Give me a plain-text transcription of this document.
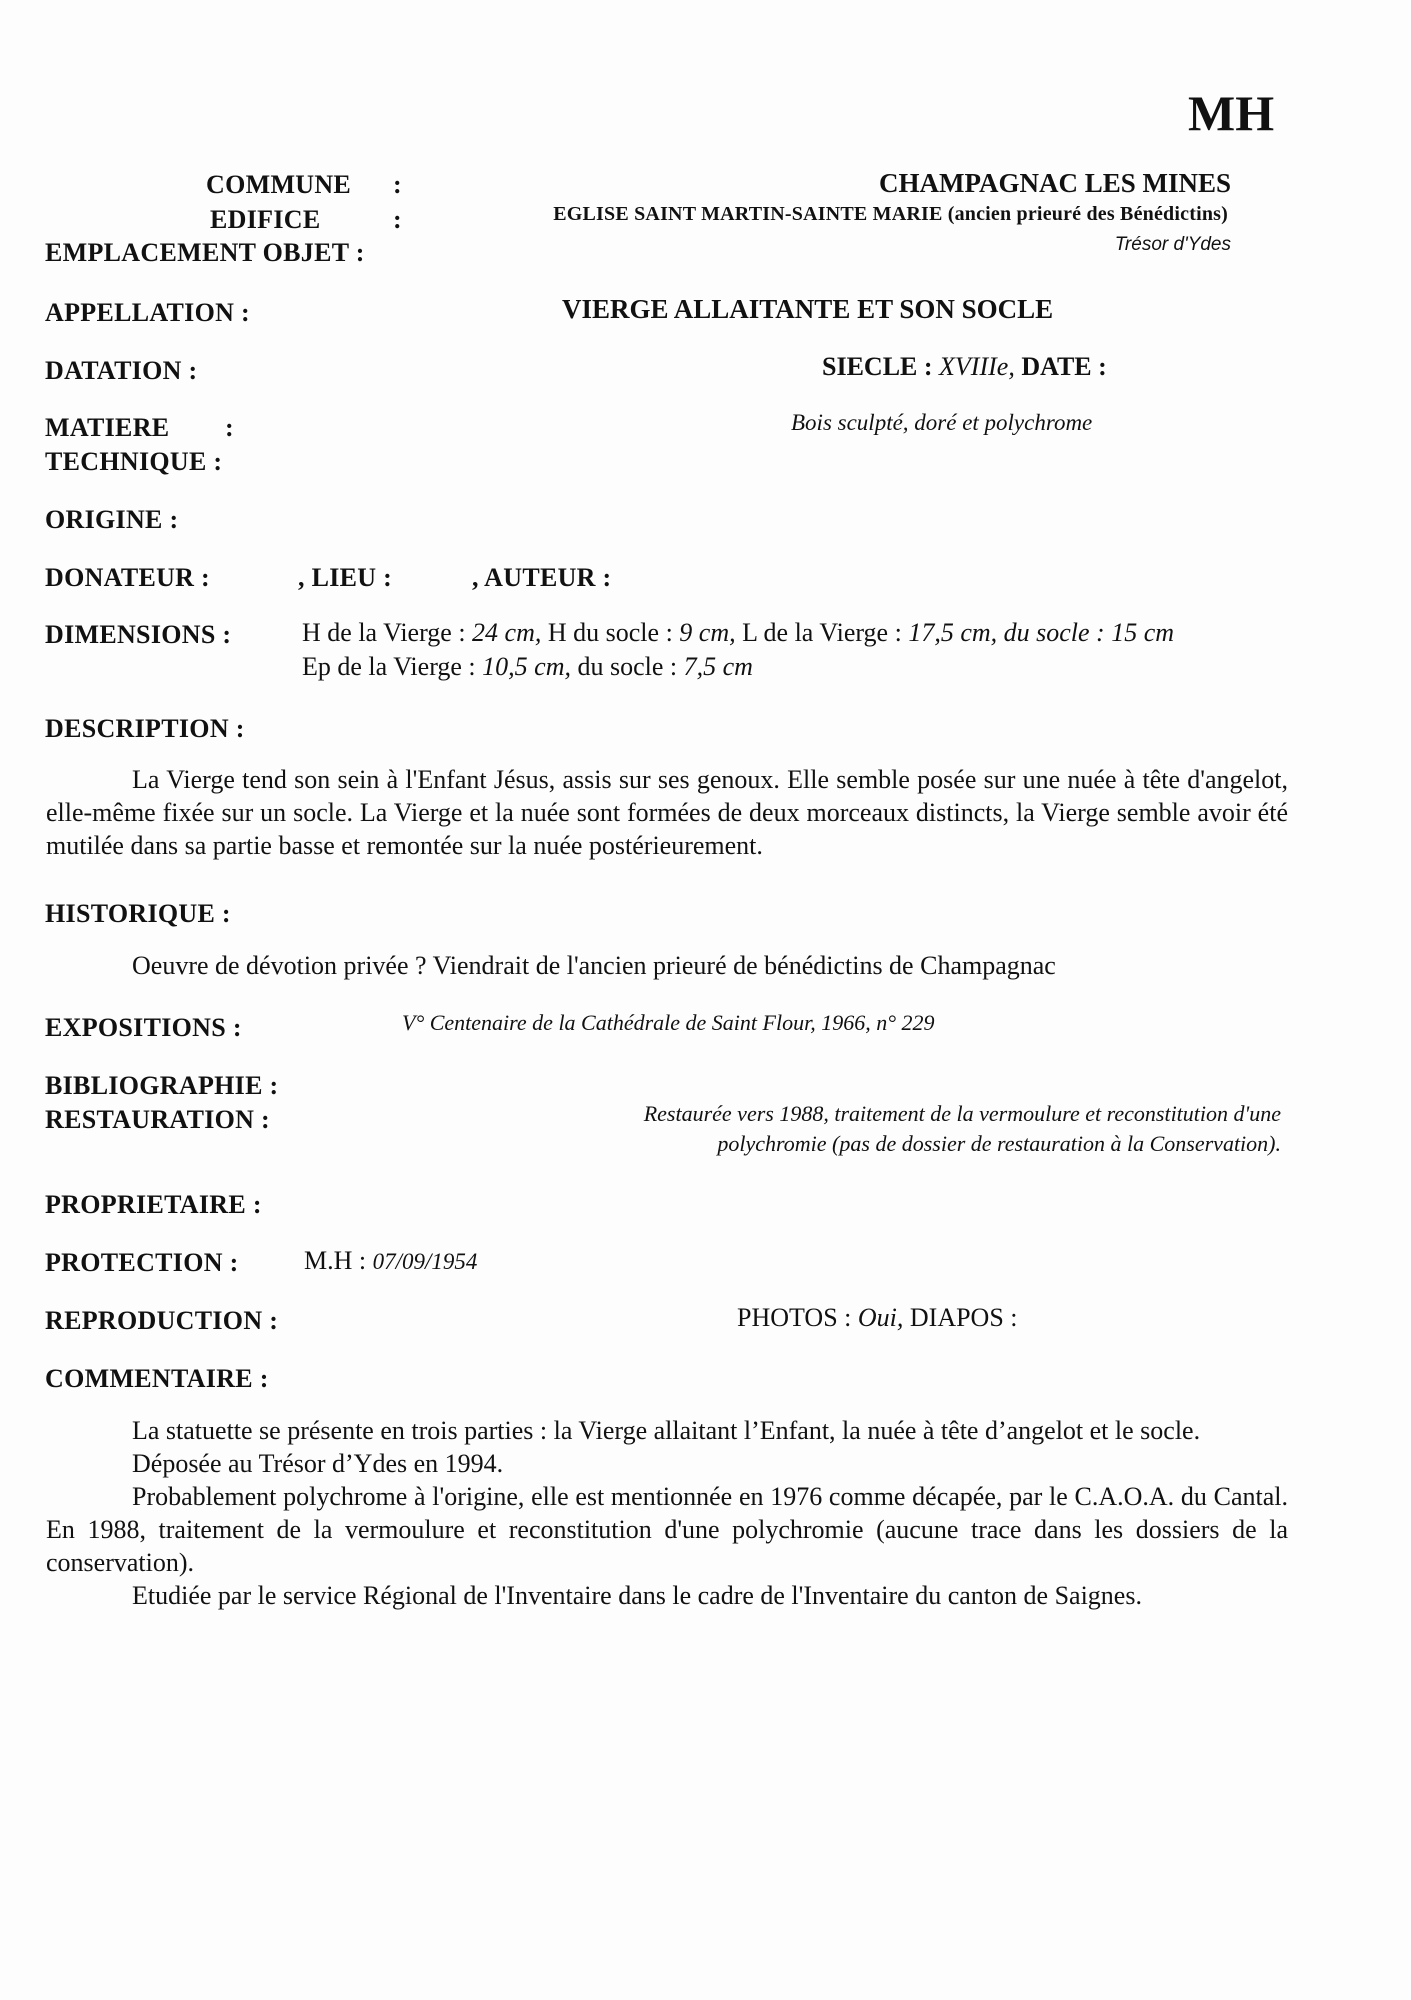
MH
COMMUNE :	CHAMPAGNAC LES MINES
EDIFICE	:	EGLISE SAINT MARTIN-SAINTE MARIE (ancien prieuré des Bénédictins)
EMPLACEMENT OBJET :	Trésor d'Ydes
APPELLATION :	VIERGE ALLAITANTE ET SON SOCLE
DATATION :	SIECLE : XVIIIe, DATE :
MATIERE :	Bois sculpté, doré et polychrome
TECHNIQUE :
ORIGINE :
DONATEUR :	, LIEU :	, AUTEUR :
DIMENSIONS :	H de la Vierge : 24 cm, H du socle : 9 cm, L de la Vierge : 17,5 cm, du socle : 15 cm
Ep de la Vierge : 10,5 cm, du socle : 7,5 cm
DESCRIPTION :

La Vierge tend son sein à l'Enfant Jésus, assis sur ses genoux. Elle semble posée sur une nuée à tête d'angelot, elle-même fixée sur un socle. La Vierge et la nuée sont formées de deux morceaux distincts, la Vierge semble avoir été mutilée dans sa partie basse et remontée sur la nuée postérieurement.

HISTORIQUE :
Oeuvre de dévotion privée ? Viendrait de l'ancien prieuré de bénédictins de Champagnac
EXPOSITIONS :	V° Centenaire de la Cathédrale de Saint Flour, 1966, n° 229
BIBLIOGRAPHIE :
RESTAURATION :	Restaurée vers 1988, traitement de la vermoulure et reconstitution d'une
polychromie (pas de dossier de restauration à la Conservation).
PROPRIETAIRE :
PROTECTION :	M.H : 07/09/1954
REPRODUCTION :	PHOTOS : Oui, DIAPOS :
COMMENTAIRE :

La statuette se présente en trois parties : la Vierge allaitant l’Enfant, la nuée à tête d’angelot et le socle.

Déposée au Trésor d’Ydes en 1994.

Probablement polychrome à l'origine, elle est mentionnée en 1976 comme décapée, par le C.A.O.A. du Cantal. En 1988, traitement de la vermoulure et reconstitution d'une polychromie (aucune trace dans les dossiers de la conservation).

Etudiée par le service Régional de l'Inventaire dans le cadre de l'Inventaire du canton de Saignes.
